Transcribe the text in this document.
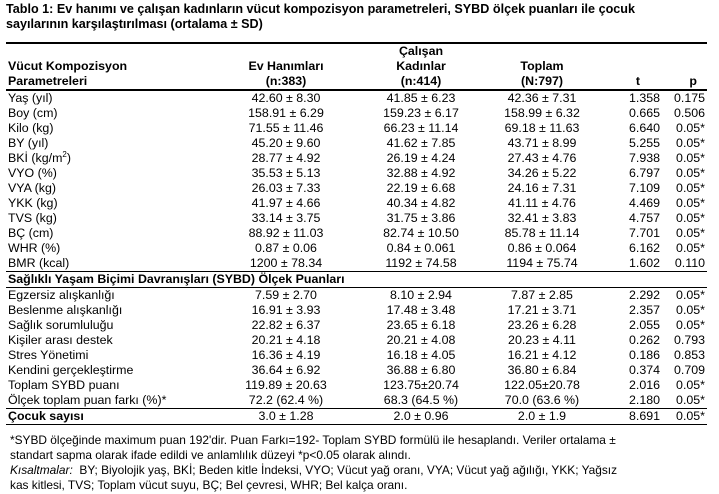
Tablo 1: Ev hanımı ve çalışan kadınların vücut kompozisyon parametreleri, SYBD ölçek puanları ile çocuk
sayılarının karşılaştırılması (ortalama ± SD)
		Çalışan			
Vücut Kompozisyon	Ev Hanımları	Kadınlar	Toplam		
Parametreleri	(n:383)	(n:414)	(N:797)	t	p
Yaş (yıl)	42.60 ± 8.30	41.85 ± 6.23	42.36 ± 7.31	1.358	0.175
Boy (cm)	158.91 ± 6.29	159.23 ± 6.17	158.99 ± 6.32	0.665	0.506
Kilo (kg)	71.55 ± 11.46	66.23 ± 11.14	69.18 ± 11.63	6.640	0.05*
BY (yıl)	45.20 ± 9.60	41.62 ± 7.85	43.71 ± 8.99	5.255	0.05*
BKİ $(kg/m^2)$	28.77 ± 4.92	26.19 ± 4.24	27.43 ± 4.76	7.938	0.05*
VYO (%)	35.53 ± 5.13	32.88 ± 4.92	34.26 ± 5.22	6.797	0.05*
VYA (kg)	26.03 ± 7.33	22.19 ± 6.68	24.16 ± 7.31	7.109	0.05*
YKK (kg)	41.97 ± 4.66	40.34 ± 4.82	41.11 ± 4.76	4.469	0.05*
TVS (kg)	33.14 ± 3.75	31.75 ± 3.86	32.41 ± 3.83	4.757	0.05*
BÇ (cm)	88.92 ± 11.03	82.74 ± 10.50	85.78 ± 11.14	7.701	0.05*
WHR (%)	0.87 ± 0.06	0.84 ± 0.061	0.86 ± 0.064	6.162	0.05*
BMR (kcal)	1200 ± 78.34	1192 ± 74.58	1194 ± 75.74	1.602	0.110
Sağlıklı Yaşam Biçimi Davranışları (SYBD) Ölçek Puanları					
Egzersiz alışkanlığı	7.59 ± 2.70	8.10 ± 2.94	7.87 ± 2.85	2.292	0.05*
Beslenme alışkanlığı	16.91 ± 3.93	17.48 ± 3.48	17.21 ± 3.71	2.357	0.05*
Sağlık sorumluluğu	22.82 ± 6.37	23.65 ± 6.18	23.26 ± 6.28	2.055	0.05*
Kişiler arası destek	20.21 ± 4.18	20.21 ± 4.08	20.23 ± 4.11	0.262	0.793
Stres Yönetimi	16.36 ± 4.19	16.18 ± 4.05	16.21 ± 4.12	0.186	0.853
Kendini gerçekleştirme	36.64 ± 6.92	36.88 ± 6.80	36.80 ± 6.84	0.374	0.709
Toplam SYBD puanı	119.89 ± 20.63	123.75±20.74	122.05±20.78	2.016	0.05*
Ölçek toplam puan farkı (%)*	72.2 (62.4 %)	68.3 (64.5 %)	70.0 (63.6 %)	2.180	0.05*
Çocuk sayısı	3.0 ± 1.28	2.0 ± 0.96	2.0 ± 1.9	8.691	0.05*

*SYBD ölçeğinde maximum puan 192'dir. Puan Farkı=192- Toplam SYBD formülü ile hesaplandı. Veriler ortalama ±

standart sapma olarak ifade edildi ve anlamlılık düzeyi *p<0.05 olarak alındı.

Kısaltmalar:  BY; Biyolojik yaş, BKİ; Beden kitle İndeksi, VYO; Vücut yağ oranı, VYA; Vücut yağ ağılığı, YKK; Yağsız

kas kitlesi, TVS; Toplam vücut suyu, BÇ; Bel çevresi, WHR; Bel kalça oranı.
